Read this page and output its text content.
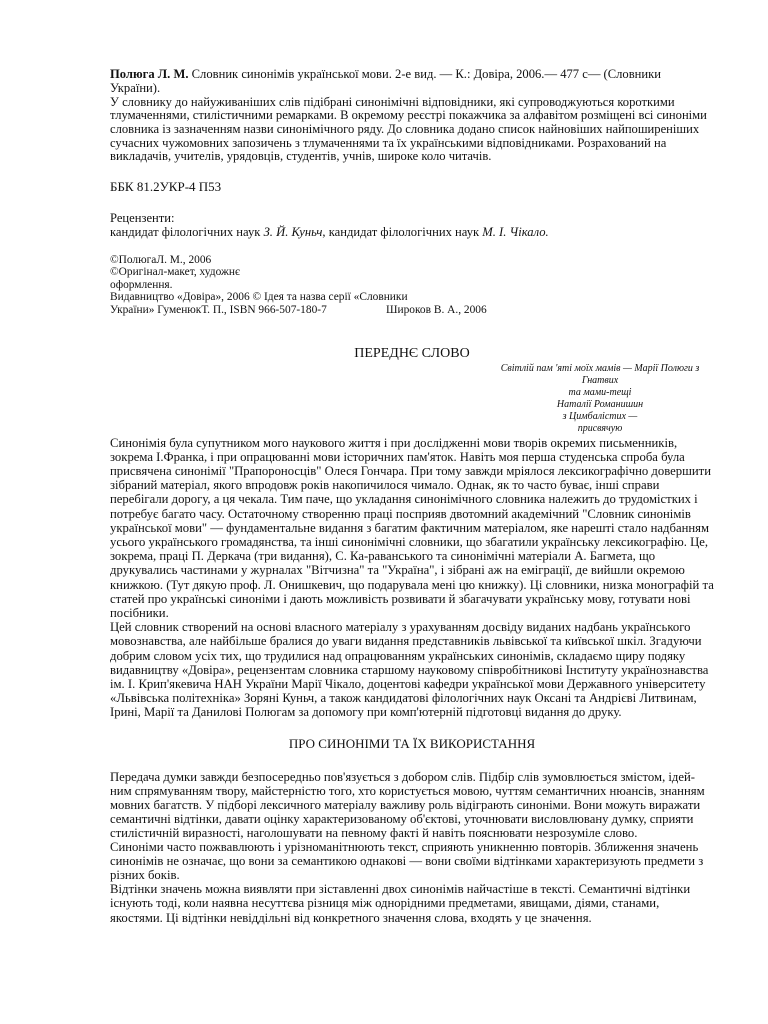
Полюга Л. М. Словник синонімів української мови. 2-е вид. — К.: Довіра, 2006.— 477 с— (Словники України).

У словнику до найуживаніших слів підібрані синонімічні відповідники, які супроводжуються короткими тлумаченнями, стилістичними ремарками. В окремому реєстрі покажчика за алфавітом розміщені всі синоніми словника із зазначенням назви синонімічного ряду. До словника додано список найновіших найпоширеніших сучасних чужомовних запозичень з тлумаченнями та їх українськими відповідниками. Розрахований на викладачів, учителів, урядовців, студентів, учнів, широке коло читачів.

ББК 81.2УКР-4 П53

Рецензенти:

кандидат філологічних наук З. Й. Куньч, кандидат філологічних наук М. І. Чікало.

©ПолюгаЛ. М., 2006

©Оригінал-макет, художнє

оформлення.

Видавництво «Довіра», 2006 © Ідея та назва серії «Словники

України» ГуменюкТ. П., ISBN 966-507-180-7	Широков В. А., 2006

ПЕРЕДНЄ СЛОВО

Світлій пам 'яті моїх мамів — Марії Полюги з

Гнатвих

та мами-тещі

Наталії Романишин

з Цимбалістих —

присвячую

Синонімія була супутником мого наукового життя і при дослідженні мови творів окремих письменників, зокрема І.Франка, і при опрацюванні мови історичних пам'яток. Навіть моя перша студенська спроба була присвячена синонімії "Прапороносців" Олеся Гончара. При тому завжди мріялося лексикографічно довершити зібраний матеріал, якого впродовж років накопичилося чимало. Однак, як то часто буває, інші справи перебігали дорогу, а ця чекала. Тим паче, що укладання синонімічного словника належить до трудомістких і потребує багато часу. Остаточному створенню праці посприяв двотомний академічний "Словник синонімів української мови" — фундаментальне видання з багатим фактичним матеріалом, яке нарешті стало надбанням усього українського громадянства, та інші синонімічні словники, що збагатили українську лексикографію. Це, зокрема, праці П. Деркача (три видання), С. Ка-раванського та синонімічні матеріали А. Багмета, що друкувались частинами у журналах "Вітчизна" та "Україна", і зібрані аж на еміграції, де вийшли окремою книжкою. (Тут дякую проф. Л. Онишкевич, що подарувала мені цю книжку). Ці словники, низка монографій та статей про українські синоніми і дають можливість розвивати й збагачувати українську мову, готувати нові посібники.

Цей словник створений на основі власного матеріалу з урахуванням досвіду виданих надбань українського мовознавства, але найбільше бралися до уваги видання представників львівської та київської шкіл. Згадуючи добрим словом усіх тих, що трудилися над опрацюванням українських синонімів, складаємо щиру подяку видавництву «Довіра», рецензентам словника старшому науковому співробітникові Інституту українознавства ім. І. Крип'якевича НАН України Марії Чікало, доцентові кафедри української мови Державного університету «Львівська політехніка» Зоряні Куньч, а також кандидатові філологічних наук Оксані та Андрієві Литвинам, Ірині, Марії та Данилові Полюгам за допомогу при комп'ютерній підготовці видання до друку.

ПРО СИНОНІМИ ТА ЇХ ВИКОРИСТАННЯ

Передача думки завжди безпосередньо пов'язується з добором слів. Підбір слів зумовлюється змістом, ідей-ним спрямуванням твору, майстерністю того, хто користується мовою, чуттям семантичних нюансів, знанням мовних багатств. У підборі лексичного матеріалу важливу роль відіграють синоніми. Вони можуть виражати семантичні відтінки, давати оцінку характеризованому об'єктові, уточнювати висловлювану думку, сприяти стилістичній виразності, наголошувати на певному факті й навіть пояснювати незрозуміле слово.

Синоніми часто пожвавлюють і урізноманітнюють текст, сприяють уникненню повторів. Зближення значень синонімів не означає, що вони за семантикою однакові — вони своїми відтінками характеризують предмети з різних боків.

Відтінки значень можна виявляти при зіставленні двох синонімів найчастіше в тексті. Семантичні відтінки існують тоді, коли наявна несуттєва різниця між однорідними предметами, явищами, діями, станами, якостями. Ці відтінки невіддільні від конкретного значення слова, входять у це значення.
